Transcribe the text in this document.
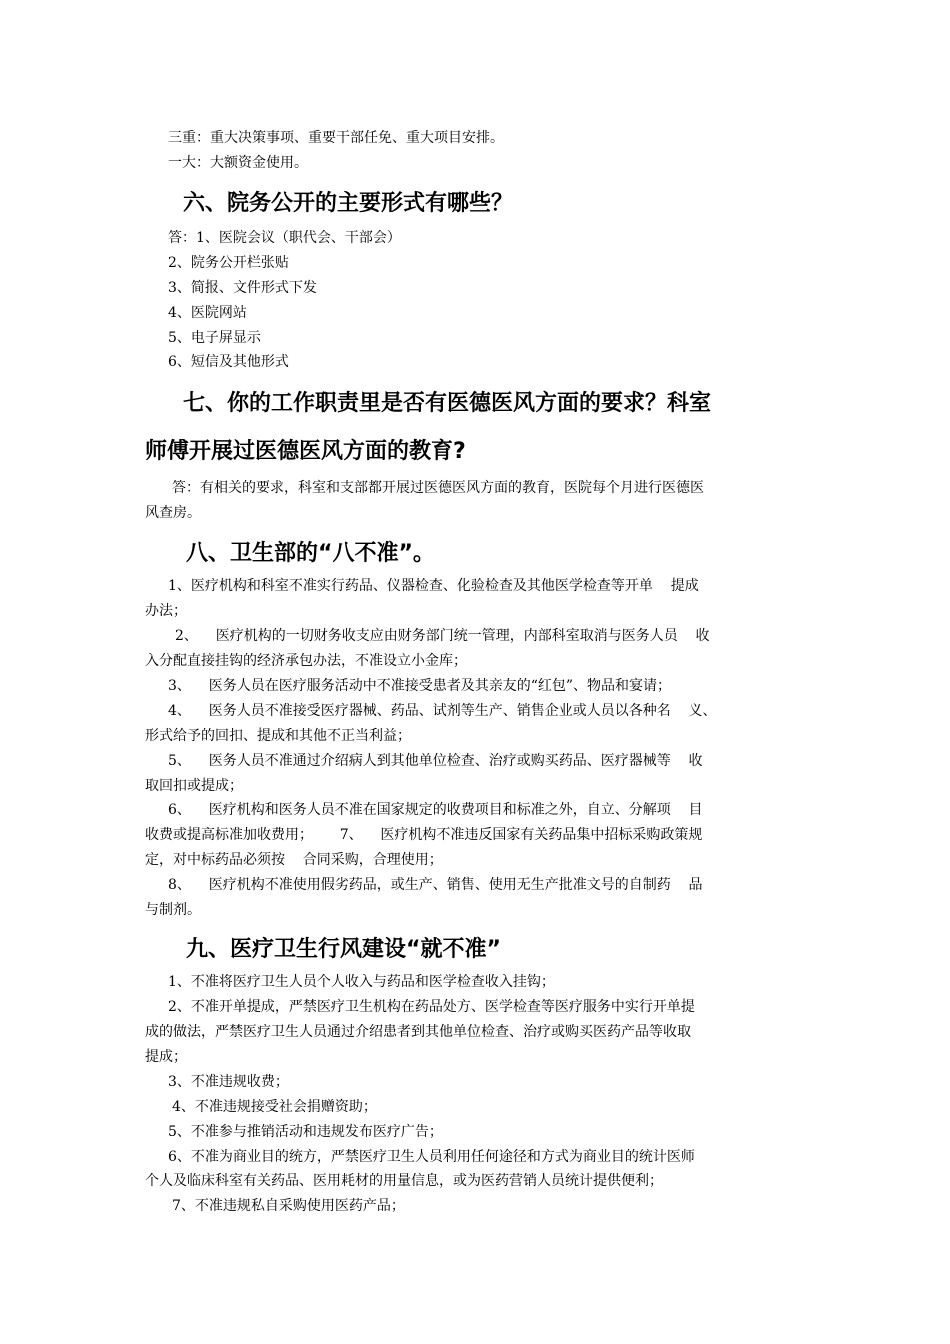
三重：重大决策事项、重要干部任免、重大项目安排。
一大：大额资金使用。
六、院务公开的主要形式有哪些？
答：1、医院会议（职代会、干部会）
2、院务公开栏张贴
3、简报、文件形式下发
4、医院网站
5、电子屏显示
6、短信及其他形式
七、你的工作职责里是否有医德医风方面的要求？科室
师傅开展过医德医风方面的教育?
答：有相关的要求，科室和支部都开展过医德医风方面的教育，医院每个月进行医德医
风查房。
八、卫生部的“八不准”。
1、医疗机构和科室不准实行药品、仪器检查、化验检查及其他医学检查等开单    提成
办法；
2、    医疗机构的一切财务收支应由财务部门统一管理，内部科室取消与医务人员    收
入分配直接挂钩的经济承包办法，不准设立小金库；
3、    医务人员在医疗服务活动中不准接受患者及其亲友的“红包”、物品和宴请；
4、    医务人员不准接受医疗器械、药品、试剂等生产、销售企业或人员以各种名    义、
形式给予的回扣、提成和其他不正当利益；
5、    医务人员不准通过介绍病人到其他单位检查、治疗或购买药品、医疗器械等    收
取回扣或提成；
6、    医疗机构和医务人员不准在国家规定的收费项目和标准之外，自立、分解项    目
收费或提高标准加收费用；      7、    医疗机构不准违反国家有关药品集中招标采购政策规
定，对中标药品必须按    合同采购，合理使用；
8、    医疗机构不准使用假劣药品，或生产、销售、使用无生产批准文号的自制药    品
与制剂。
九、医疗卫生行风建设“就不准”
1、不准将医疗卫生人员个人收入与药品和医学检查收入挂钩；
2、不准开单提成，严禁医疗卫生机构在药品处方、医学检查等医疗服务中实行开单提
成的做法，严禁医疗卫生人员通过介绍患者到其他单位检查、治疗或购买医药产品等收取
提成；
3、不准违规收费；
4、不准违规接受社会捐赠资助；
5、不准参与推销活动和违规发布医疗广告；
6、不准为商业目的统方，严禁医疗卫生人员利用任何途径和方式为商业目的统计医师
个人及临床科室有关药品、医用耗材的用量信息，或为医药营销人员统计提供便利；
7、不准违规私自采购使用医药产品；
